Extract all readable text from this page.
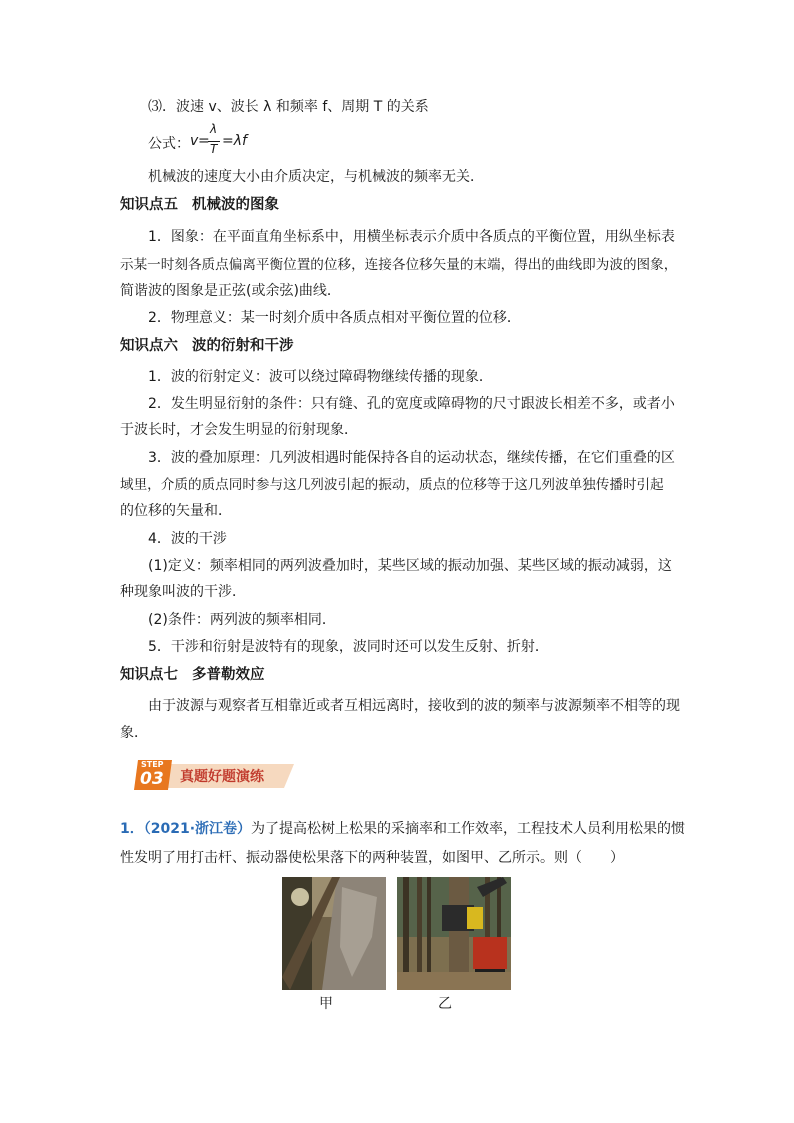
⑶．波速 v、波长 λ 和频率 f、周期 T 的关系
公式： v =
λ
T =λf
机械波的速度大小由介质决定，与机械波的频率无关．
知识点五 机械波的图象
1．图象：在平面直角坐标系中，用横坐标表示介质中各质点的平衡位置，用纵坐标表
示某一时刻各质点偏离平衡位置的位移，连接各位移矢量的末端，得出的曲线即为波的图象，
简谐波的图象是正弦(或余弦)曲线．
2．物理意义：某一时刻介质中各质点相对平衡位置的位移．
知识点六 波的衍射和干涉
1．波的衍射定义：波可以绕过障碍物继续传播的现象．
2．发生明显衍射的条件：只有缝、孔的宽度或障碍物的尺寸跟波长相差不多，或者小
于波长时，才会发生明显的衍射现象．
3．波的叠加原理：几列波相遇时能保持各自的运动状态，继续传播，在它们重叠的区
域里，介质的质点同时参与这几列波引起的振动，质点的位移等于这几列波单独传播时引起
的位移的矢量和．
4．波的干涉
(1)定义：频率相同的两列波叠加时，某些区域的振动加强、某些区域的振动减弱，这
种现象叫波的干涉．
(2)条件：两列波的频率相同．
5．干涉和衍射是波特有的现象，波同时还可以发生反射、折射．
知识点七 多普勒效应
由于波源与观察者互相靠近或者互相远离时，接收到的波的频率与波源频率不相等的现
象．
STEP
03 真题好题演练
1．（2021·浙江卷）为了提高松树上松果的采摘率和工作效率，工程技术人员利用松果的惯
性发明了用打击杆、振动器使松果落下的两种装置，如图甲、乙所示。则（　　）
甲	乙
